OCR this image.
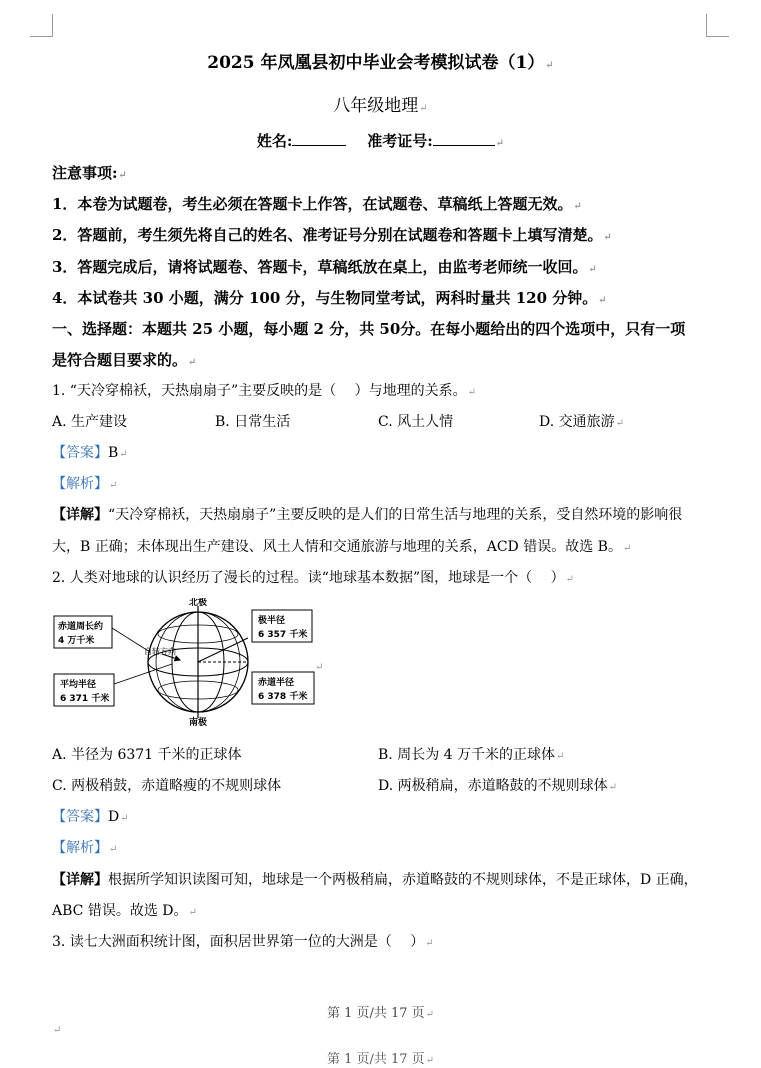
2025 年凤凰县初中毕业会考模拟试卷（1）↵
八年级地理↵
姓名:	准考证号:	↵
注意事项:↵
1．本卷为试题卷，考生必须在答题卡上作答，在试题卷、草稿纸上答题无效。↵
2．答题前，考生须先将自己的姓名、准考证号分别在试题卷和答题卡上填写清楚。↵
3．答题完成后，请将试题卷、答题卡，草稿纸放在桌上，由监考老师统一收回。↵
4．本试卷共 30 小题，满分 100 分，与生物同堂考试，两科时量共 120 分钟。↵
一、选择题：本题共 25 小题，每小题 2 分，共 50分。在每小题给出的四个选项中，只有一项
是符合题目要求的。↵
1. “天冷穿棉袄，天热扇扇子”主要反映的是（　 ）与地理的关系。↵
A. 生产建设	B. 日常生活	C. 风土人情	D. 交通旅游↵
【答案】B↵
【解析】↵
【详解】“天冷穿棉袄，天热扇扇子”主要反映的是人们的日常生活与地理的关系，受自然环境的影响很
大，B 正确；未体现出生产建设、风土人情和交通旅游与地理的关系，ACD 错误。故选 B。↵
2. 人类对地球的认识经历了漫长的过程。读“地球基本数据”图，地球是一个（　 ）↵
北极
南极
自转方向
赤道周长约
4 万千米
平均半径
6 371 千米
极半径
6 357 千米
赤道半径
6 378 千米
↵
A. 半径为 6371 千米的正球体	B. 周长为 4 万千米的正球体↵
C. 两极稍鼓，赤道略瘦的不规则球体	D. 两极稍扁，赤道略鼓的不规则球体↵
【答案】D↵
【解析】↵
【详解】根据所学知识读图可知，地球是一个两极稍扁，赤道略鼓的不规则球体，不是正球体，D 正确，
ABC 错误。故选 D。↵
3. 读七大洲面积统计图，面积居世界第一位的大洲是（　 ）↵
第 1 页/共 17 页↵
↵
第 1 页/共 17 页↵
